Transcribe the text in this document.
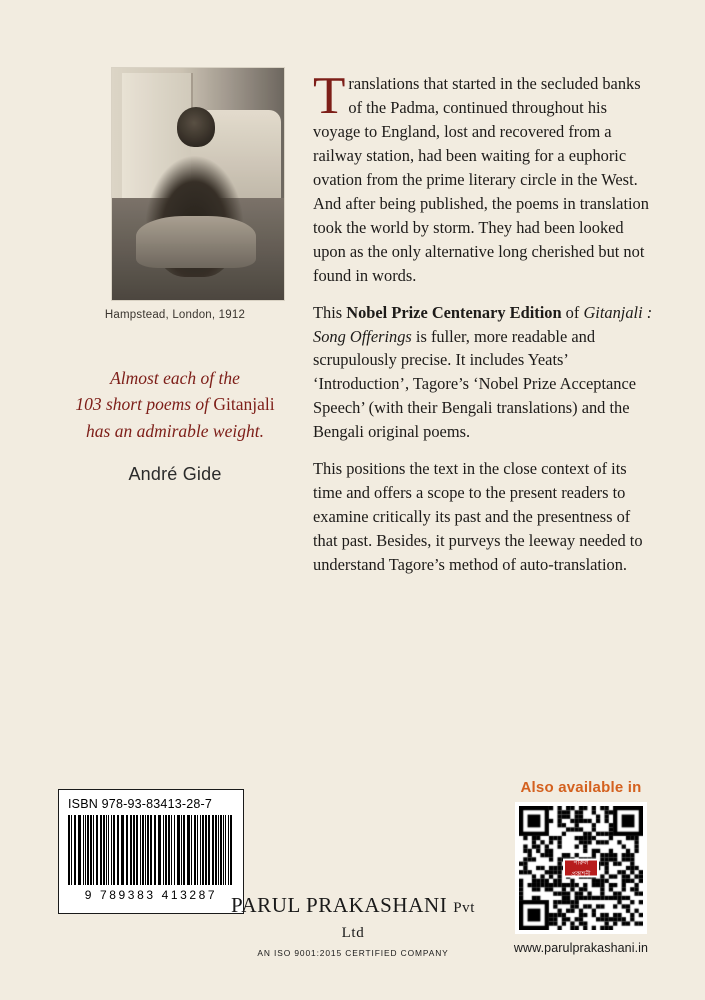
Hampstead, London, 1912
Almost each of the
103 short poems of Gitanjali
has an admirable weight.
André Gide

Translations that started in the secluded banks of the Padma, continued throughout his voyage to England, lost and recovered from a railway station, had been waiting for a euphoric ovation from the prime literary circle in the West. And after being published, the poems in translation took the world by storm. They had been looked upon as the only alternative long cherished but not found in words.

This Nobel Prize Centenary Edition of Gitanjali : Song Offerings is fuller, more readable and scrupulously precise. It includes Yeats’ ‘Introduction’, Tagore’s ‘Nobel Prize Acceptance Speech’ (with their Bengali translations) and the Bengali original poems.

This positions the text in the close context of its time and offers a scope to the present readers to examine critically its past and the presentness of that past. Besides, it purveys the leeway needed to understand Tagore’s method of auto-translation.

ISBN 978-93-83413-28-7
9 789383 413287 PARUL PRAKASHANI Pvt Ltd
AN ISO 9001:2015 CERTIFIED COMPANY
Also available in
পারুল প্রকাশনী
www.parulprakashani.in
